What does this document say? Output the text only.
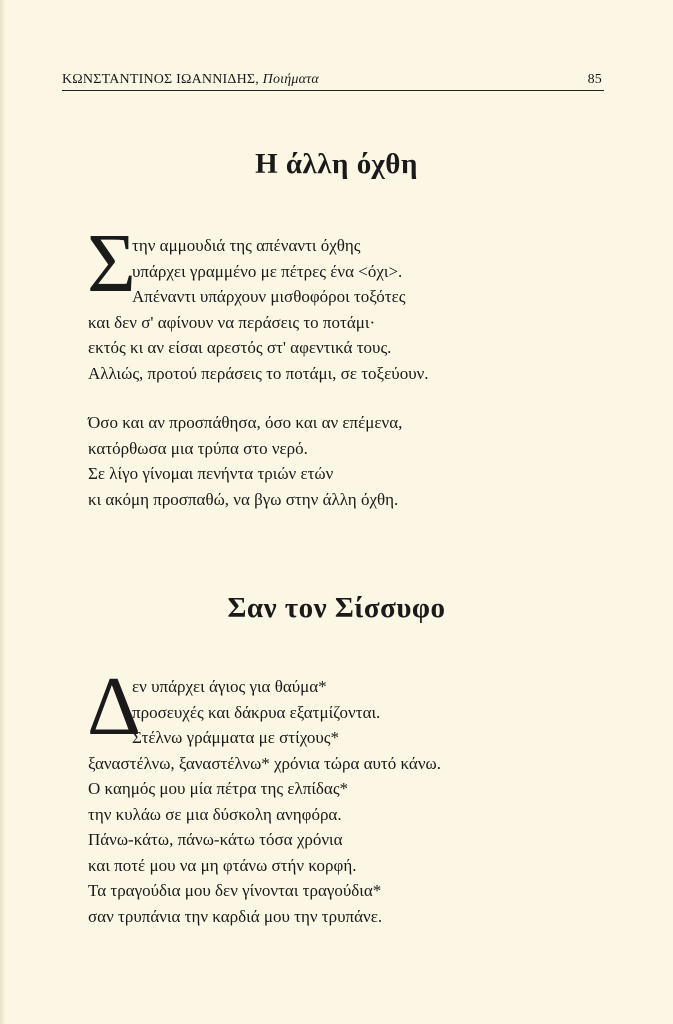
ΚΩΝΣΤΑΝΤΙΝΟΣ ΙΩΑΝΝΙΔΗΣ, Ποιήματα	85
Η άλλη όχθη
Σ
την αμμουδιά της απέναντι όχθης
υπάρχει γραμμένο με πέτρες ένα <όχι>.
Απέναντι υπάρχουν μισθοφόροι τοξότες
και δεν σ' αφίνουν να περάσεις το ποτάμι·
εκτός κι αν είσαι αρεστός στ' αφεντικά τους.
Αλλιώς, προτού περάσεις το ποτάμι, σε τοξεύουν.
Όσο και αν προσπάθησα, όσο και αν επέμενα,
κατόρθωσα μια τρύπα στο νερό.
Σε λίγο γίνομαι πενήντα τριών ετών
κι ακόμη προσπαθώ, να βγω στην άλλη όχθη.
Σαν τον Σίσσυφο
Δ
εν υπάρχει άγιος για θαύμα*
προσευχές και δάκρυα εξατμίζονται.
Στέλνω γράμματα με στίχους*
ξαναστέλνω, ξαναστέλνω* χρόνια τώρα αυτό κάνω.
Ο καημός μου μία πέτρα της ελπίδας*
την κυλάω σε μια δύσκολη ανηφόρα.
Πάνω-κάτω, πάνω-κάτω τόσα χρόνια
και ποτέ μου να μη φτάνω στήν κορφή.
Τα τραγούδια μου δεν γίνονται τραγούδια*
σαν τρυπάνια την καρδιά μου την τρυπάνε.
